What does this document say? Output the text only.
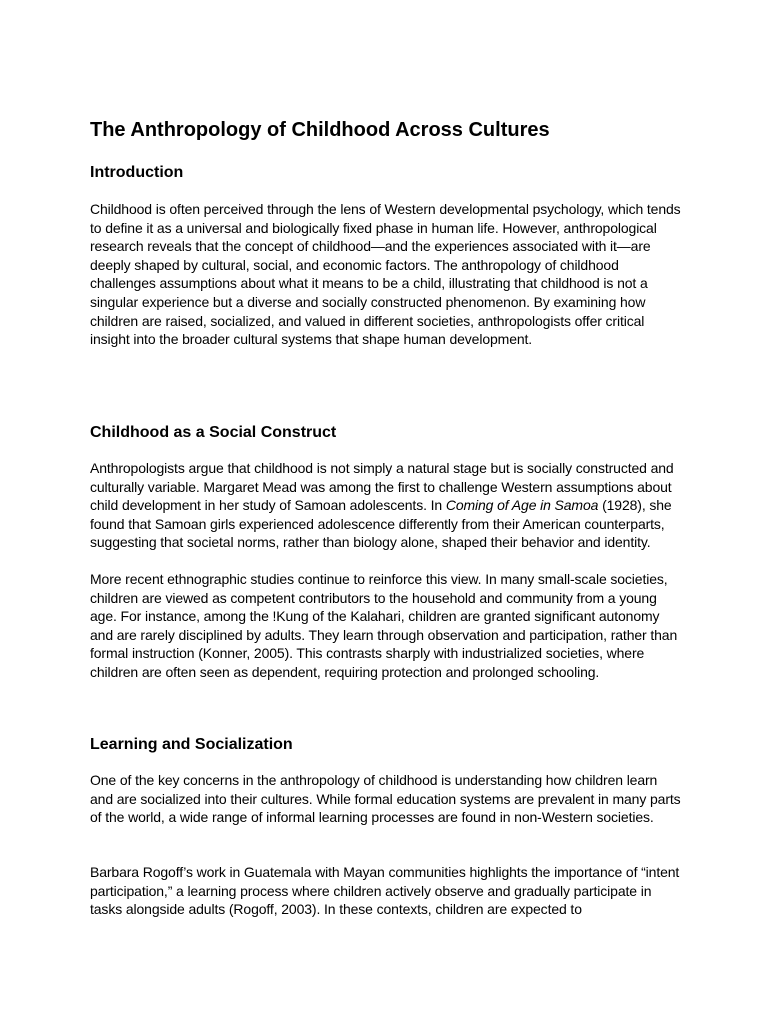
The Anthropology of Childhood Across Cultures
Introduction

Childhood is often perceived through the lens of Western developmental psychology, which tends to define it as a universal and biologically fixed phase in human life. However, anthropological research reveals that the concept of childhood—and the experiences associated with it—are deeply shaped by cultural, social, and economic factors. The anthropology of childhood challenges assumptions about what it means to be a child, illustrating that childhood is not a singular experience but a diverse and socially constructed phenomenon. By examining how children are raised, socialized, and valued in different societies, anthropologists offer critical insight into the broader cultural systems that shape human development.

Childhood as a Social Construct

Anthropologists argue that childhood is not simply a natural stage but is socially constructed and culturally variable. Margaret Mead was among the first to challenge Western assumptions about child development in her study of Samoan adolescents. In Coming of Age in Samoa (1928), she found that Samoan girls experienced adolescence differently from their American counterparts, suggesting that societal norms, rather than biology alone, shaped their behavior and identity.

More recent ethnographic studies continue to reinforce this view. In many small-scale societies, children are viewed as competent contributors to the household and community from a young age. For instance, among the !Kung of the Kalahari, children are granted significant autonomy and are rarely disciplined by adults. They learn through observation and participation, rather than formal instruction (Konner, 2005). This contrasts sharply with industrialized societies, where children are often seen as dependent, requiring protection and prolonged schooling.

Learning and Socialization

One of the key concerns in the anthropology of childhood is understanding how children learn and are socialized into their cultures. While formal education systems are prevalent in many parts of the world, a wide range of informal learning processes are found in non-Western societies.

Barbara Rogoff’s work in Guatemala with Mayan communities highlights the importance of “intent participation,” a learning process where children actively observe and gradually participate in tasks alongside adults (Rogoff, 2003). In these contexts, children are expected to
